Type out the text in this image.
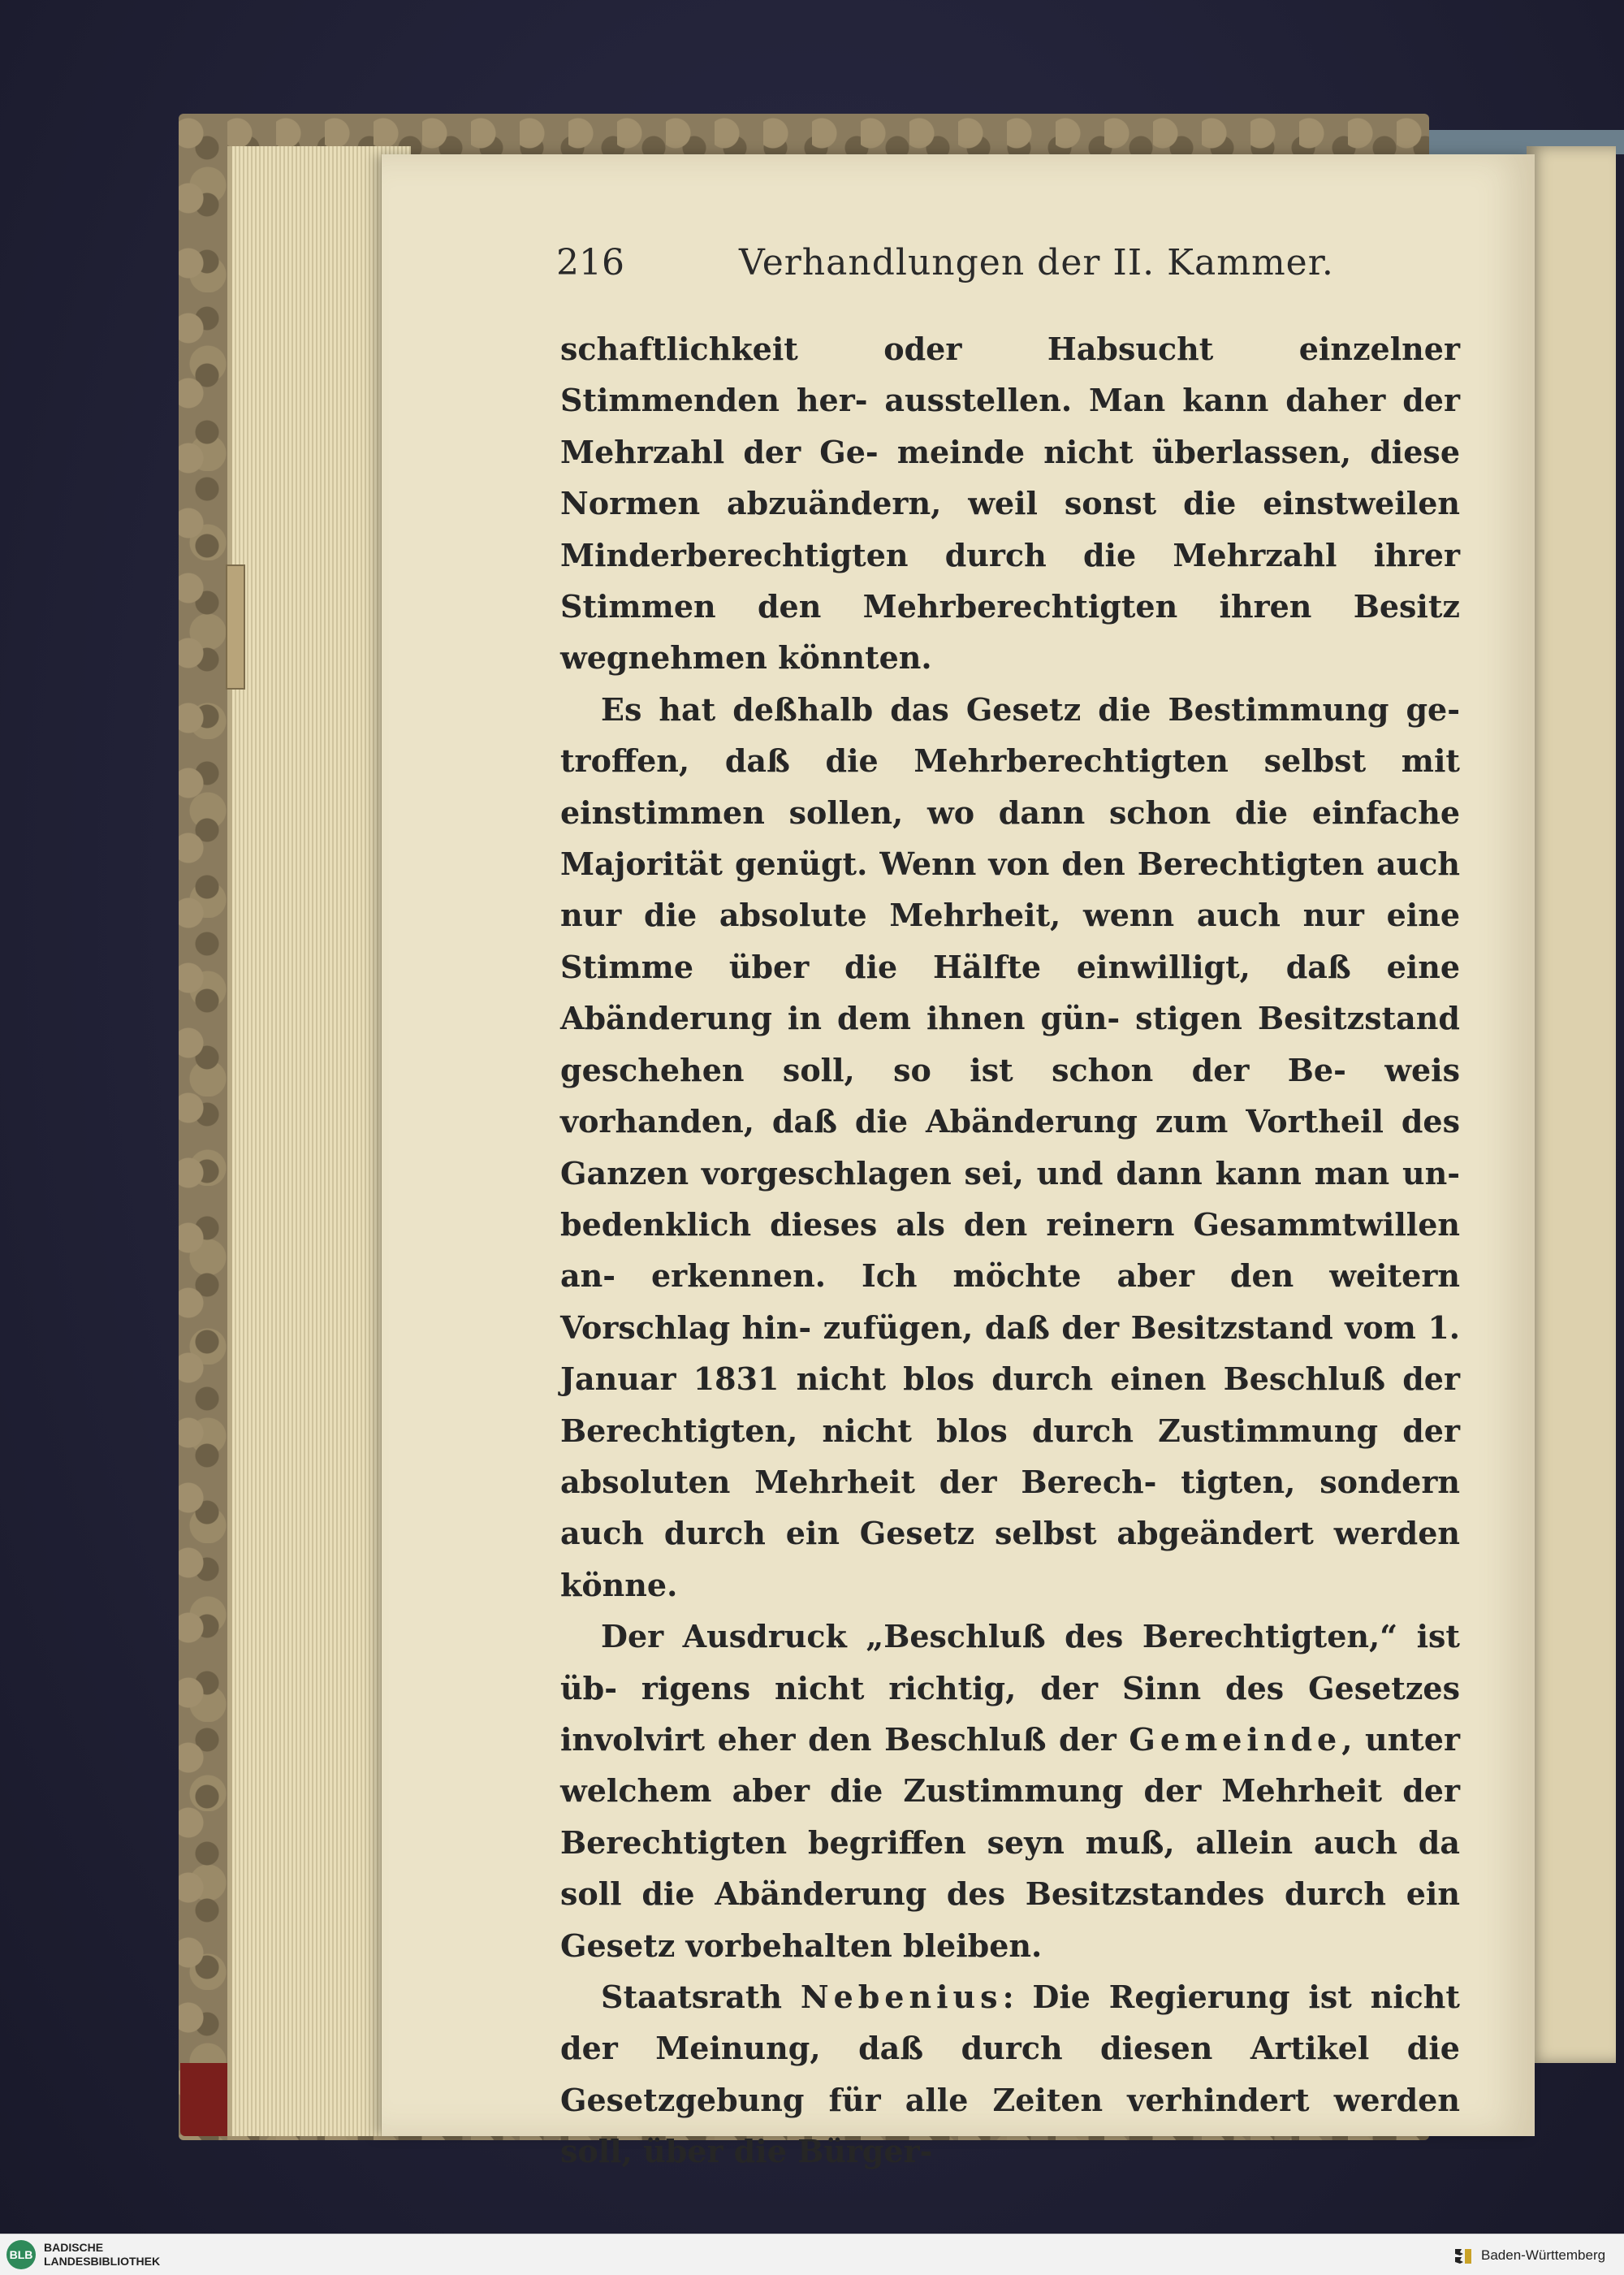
216	Verhandlungen der II. Kammer.

schaftlichkeit oder Habsucht einzelner Stimmenden her- ausstellen. Man kann daher der Mehrzahl der Ge- meinde nicht überlassen, diese Normen abzuändern, weil sonst die einstweilen Minderberechtigten durch die Mehrzahl ihrer Stimmen den Mehrberechtigten ihren Besitz wegnehmen könnten.

Es hat deßhalb das Gesetz die Bestimmung ge- troffen, daß die Mehrberechtigten selbst mit einstimmen sollen, wo dann schon die einfache Majorität genügt. Wenn von den Berechtigten auch nur die absolute Mehrheit, wenn auch nur eine Stimme über die Hälfte einwilligt, daß eine Abänderung in dem ihnen gün- stigen Besitzstand geschehen soll, so ist schon der Be- weis vorhanden, daß die Abänderung zum Vortheil des Ganzen vorgeschlagen sei, und dann kann man un- bedenklich dieses als den reinern Gesammtwillen an- erkennen. Ich möchte aber den weitern Vorschlag hin- zufügen, daß der Besitzstand vom 1. Januar 1831 nicht blos durch einen Beschluß der Berechtigten, nicht blos durch Zustimmung der absoluten Mehrheit der Berech- tigten, sondern auch durch ein Gesetz selbst abgeändert werden könne.

Der Ausdruck „Beschluß des Berechtigten,“ ist üb- rigens nicht richtig, der Sinn des Gesetzes involvirt eher den Beschluß der Gemeinde, unter welchem aber die Zustimmung der Mehrheit der Berechtigten begriffen seyn muß, allein auch da soll die Abänderung des Besitzstandes durch ein Gesetz vorbehalten bleiben.

Staatsrath Nebenius: Die Regierung ist nicht der Meinung, daß durch diesen Artikel die Gesetzgebung für alle Zeiten verhindert werden soll, über die Bürger-

BLB
BADISCHE
LANDESBIBLIOTHEK	Baden-Württemberg
